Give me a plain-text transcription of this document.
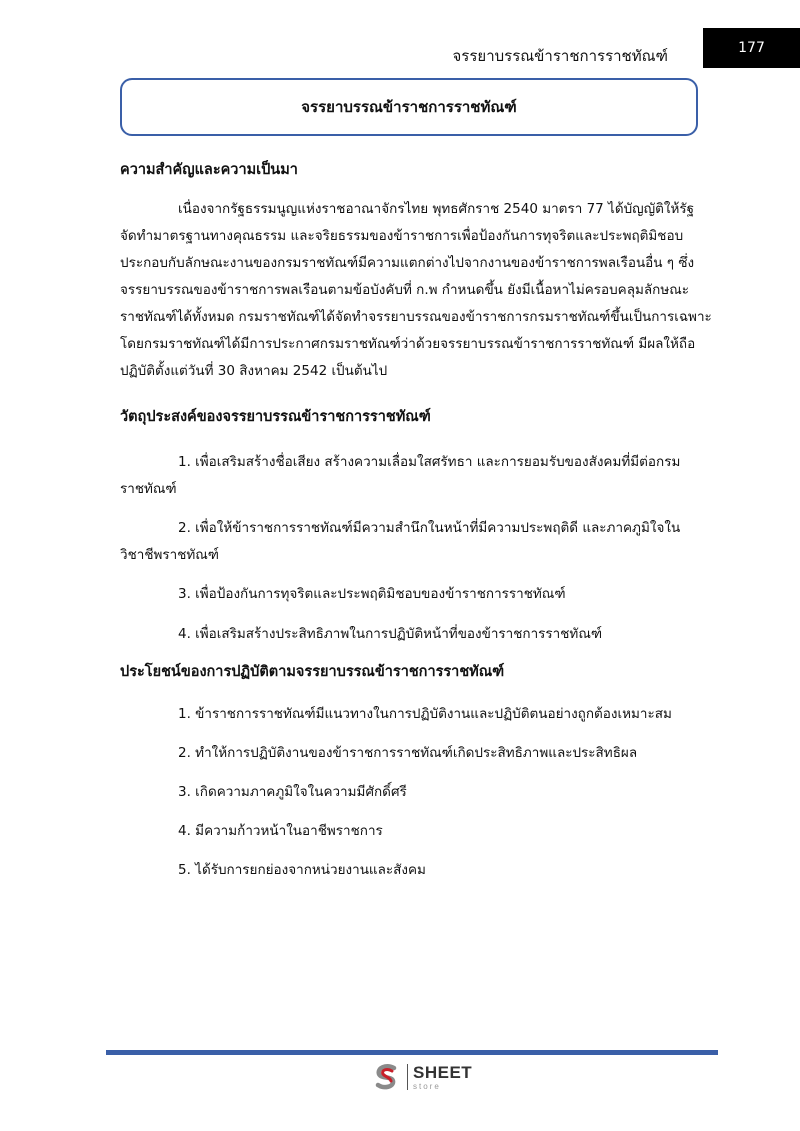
จรรยาบรรณข้าราชการราชทัณฑ์	177
จรรยาบรรณข้าราชการราชทัณฑ์
ความสำคัญและความเป็นมา
เนื่องจากรัฐธรรมนูญแห่งราชอาณาจักรไทย พุทธศักราช 2540 มาตรา 77 ได้บัญญัติให้รัฐ
จัดทำมาตรฐานทางคุณธรรม และจริยธรรมของข้าราชการเพื่อป้องกันการทุจริตและประพฤติมิชอบ
ประกอบกับลักษณะงานของกรมราชทัณฑ์มีความแตกต่างไปจากงานของข้าราชการพลเรือนอื่น ๆ ซึ่ง
จรรยาบรรณของข้าราชการพลเรือนตามข้อบังคับที่ ก.พ กำหนดขึ้น ยังมีเนื้อหาไม่ครอบคลุมลักษณะ
ราชทัณฑ์ได้ทั้งหมด กรมราชทัณฑ์ได้จัดทำจรรยาบรรณของข้าราชการกรมราชทัณฑ์ขึ้นเป็นการเฉพาะ
โดยกรมราชทัณฑ์ได้มีการประกาศกรมราชทัณฑ์ว่าด้วยจรรยาบรรณข้าราชการราชทัณฑ์ มีผลให้ถือ
ปฏิบัติตั้งแต่วันที่ 30 สิงหาคม 2542 เป็นต้นไป
วัตถุประสงค์ของจรรยาบรรณข้าราชการราชทัณฑ์
1. เพื่อเสริมสร้างชื่อเสียง สร้างความเลื่อมใสศรัทธา และการยอมรับของสังคมที่มีต่อกรม
ราชทัณฑ์
2. เพื่อให้ข้าราชการราชทัณฑ์มีความสำนึกในหน้าที่มีความประพฤติดี และภาคภูมิใจใน
วิชาชีพราชทัณฑ์
3. เพื่อป้องกันการทุจริตและประพฤติมิชอบของข้าราชการราชทัณฑ์
4. เพื่อเสริมสร้างประสิทธิภาพในการปฏิบัติหน้าที่ของข้าราชการราชทัณฑ์
ประโยชน์ของการปฏิบัติตามจรรยาบรรณข้าราชการราชทัณฑ์
1. ข้าราชการราชทัณฑ์มีแนวทางในการปฏิบัติงานและปฏิบัติตนอย่างถูกต้องเหมาะสม
2. ทำให้การปฏิบัติงานของข้าราชการราชทัณฑ์เกิดประสิทธิภาพและประสิทธิผล
3. เกิดความภาคภูมิใจในความมีศักดิ์ศรี
4. มีความก้าวหน้าในอาชีพราชการ
5. ได้รับการยกย่องจากหน่วยงานและสังคม
SHEET
store
